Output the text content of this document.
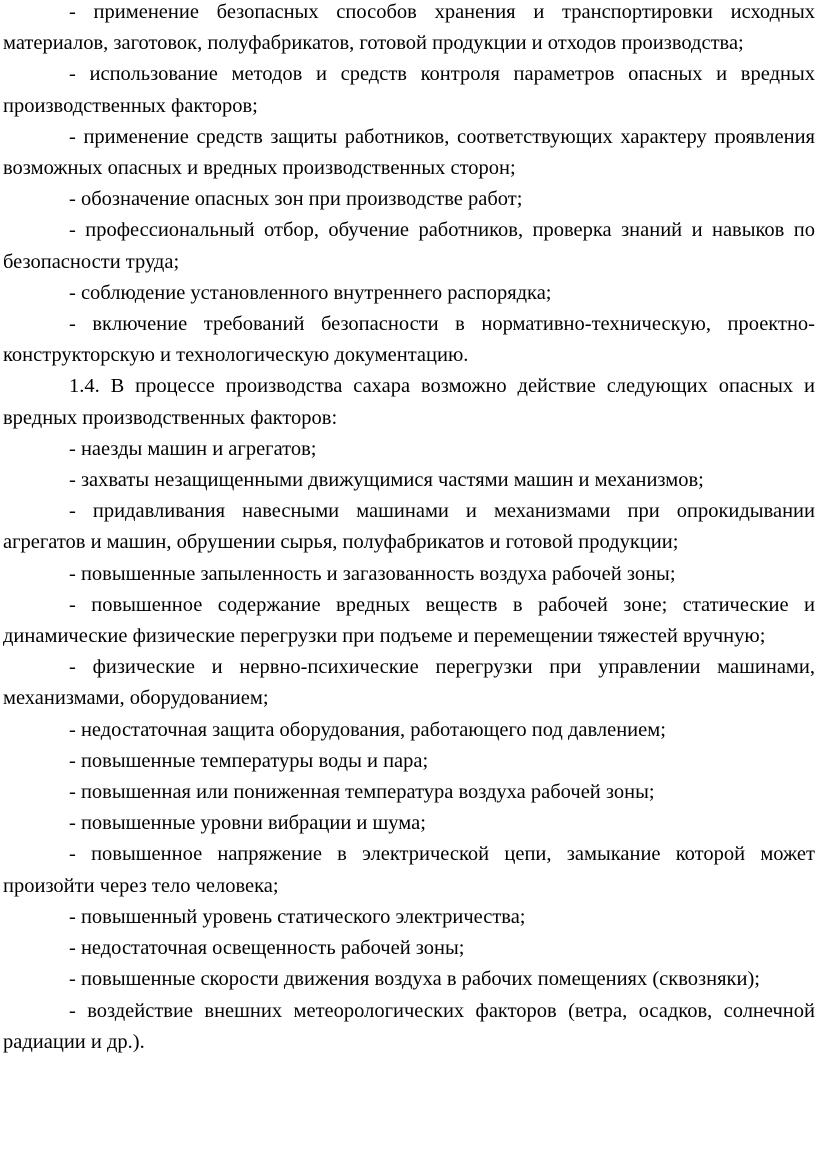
- применение безопасных способов хранения и транспортировки исходных материалов, заготовок, полуфабрикатов, готовой продукции и отходов производства;

- использование методов и средств контроля параметров опасных и вредных производственных факторов;

- применение средств защиты работников, соответствующих характеру проявления возможных опасных и вредных производственных сторон;

- обозначение опасных зон при производстве работ;

- профессиональный отбор, обучение работников, проверка знаний и навыков по безопасности труда;

- соблюдение установленного внутреннего распорядка;

- включение требований безопасности в нормативно-техническую, проектно-конструкторскую и технологическую документацию.

1.4. В процессе производства сахара возможно действие следующих опасных и вредных производственных факторов:

- наезды машин и агрегатов;

- захваты незащищенными движущимися частями машин и механизмов;

- придавливания навесными машинами и механизмами при опрокидывании агрегатов и машин, обрушении сырья, полуфабрикатов и готовой продукции;

- повышенные запыленность и загазованность воздуха рабочей зоны;

- повышенное содержание вредных веществ в рабочей зоне; статические и динамические физические перегрузки при подъеме и перемещении тяжестей вручную;

- физические и нервно-психические перегрузки при управлении машинами, механизмами, оборудованием;

- недостаточная защита оборудования, работающего под давлением;

- повышенные температуры воды и пара;

- повышенная или пониженная температура воздуха рабочей зоны;

- повышенные уровни вибрации и шума;

- повышенное напряжение в электрической цепи, замыкание которой может произойти через тело человека;

- повышенный уровень статического электричества;

- недостаточная освещенность рабочей зоны;

- повышенные скорости движения воздуха в рабочих помещениях (сквозняки);

- воздействие внешних метеорологических факторов (ветра, осадков, солнечной радиации и др.).
